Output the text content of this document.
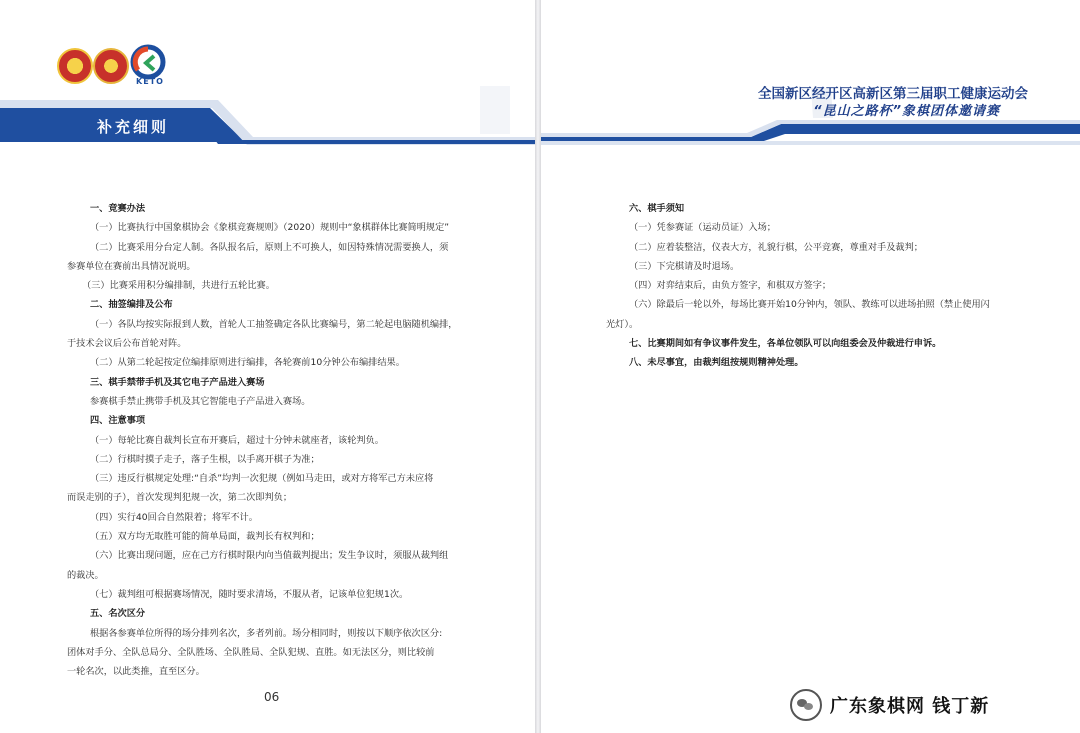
KETO
补充细则

一、竞赛办法

（一）比赛执行中国象棋协会《象棋竞赛规则》（2020）规则中“象棋群体比赛简明规定”

（二）比赛采用分台定人制。各队报名后，原则上不可换人，如因特殊情况需要换人，须

参赛单位在赛前出具情况说明。

（三）比赛采用积分编排制，共进行五轮比赛。

二、抽签编排及公布

（一）各队均按实际报到人数，首轮人工抽签确定各队比赛编号，第二轮起电脑随机编排，

于技术会议后公布首轮对阵。

（二）从第二轮起按定位编排原则进行编排，各轮赛前10分钟公布编排结果。

三、棋手禁带手机及其它电子产品进入赛场

参赛棋手禁止携带手机及其它智能电子产品进入赛场。

四、注意事项

（一）每轮比赛自裁判长宣布开赛后，超过十分钟未就座者，该轮判负。

（二）行棋时摸子走子，落子生根，以手离开棋子为准；

（三）违反行棋规定处理:“自杀”均判一次犯规（例如马走田，或对方将军己方未应将

而误走别的子），首次发现判犯规一次，第二次即判负；

（四）实行40回合自然限着；将军不计。

（五）双方均无取胜可能的简单局面，裁判长有权判和；

（六）比赛出现问题，应在己方行棋时限内向当值裁判提出；发生争议时，须服从裁判组

的裁决。

（七）裁判组可根据赛场情况，随时要求清场，不服从者，记该单位犯规1次。

五、名次区分

根据各参赛单位所得的场分排列名次，多者列前。场分相同时，则按以下顺序依次区分:

团体对手分、全队总局分、全队胜场、全队胜局、全队犯规、直胜。如无法区分，则比较前

一轮名次，以此类推，直至区分。

06
全国新区经开区高新区第三届职工健康运动会
“昆山之路杯”象棋团体邀请赛

六、棋手须知

（一）凭参赛证（运动员证）入场；

（二）应着装整洁，仪表大方，礼貌行棋，公平竞赛，尊重对手及裁判；

（三）下完棋请及时退场。

（四）对弈结束后，由负方签字，和棋双方签字；

（六）除最后一轮以外，每场比赛开始10分钟内，领队、教练可以进场拍照（禁止使用闪

光灯）。

七、比赛期间如有争议事件发生，各单位领队可以向组委会及仲裁进行申诉。

八、未尽事宜，由裁判组按规则精神处理。

广东象棋网 钱丁新
